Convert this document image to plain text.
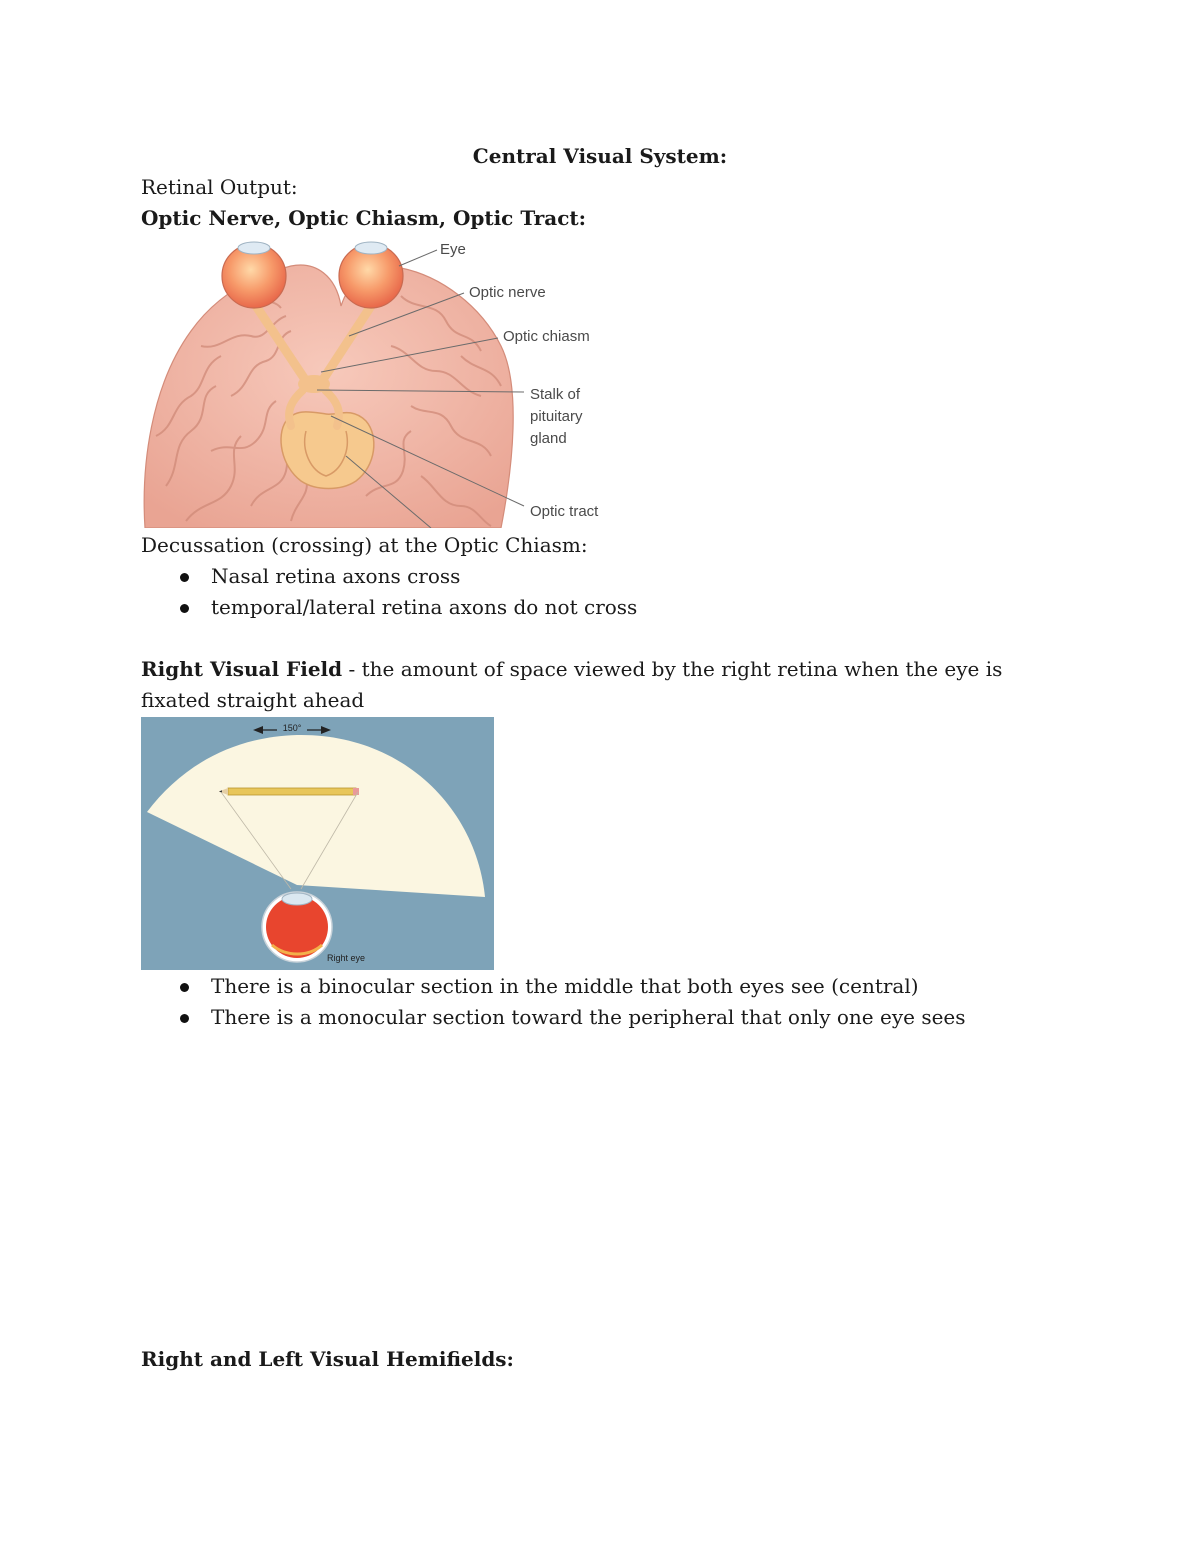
Central Visual System:
Retinal Output:
Optic Nerve, Optic Chiasm, Optic Tract:
Eye
Optic nerve
Optic chiasm
Stalk of
pituitary
gland
Optic tract
Decussation (crossing) at the Optic Chiasm:
Nasal retina axons cross
temporal/lateral retina axons do not cross
Right Visual Field - the amount of space viewed by the right retina when the eye is fixated straight ahead
150°
Right eye
There is a binocular section in the middle that both eyes see (central)
There is a monocular section toward the peripheral that only one eye sees
Right and Left Visual Hemifields:
